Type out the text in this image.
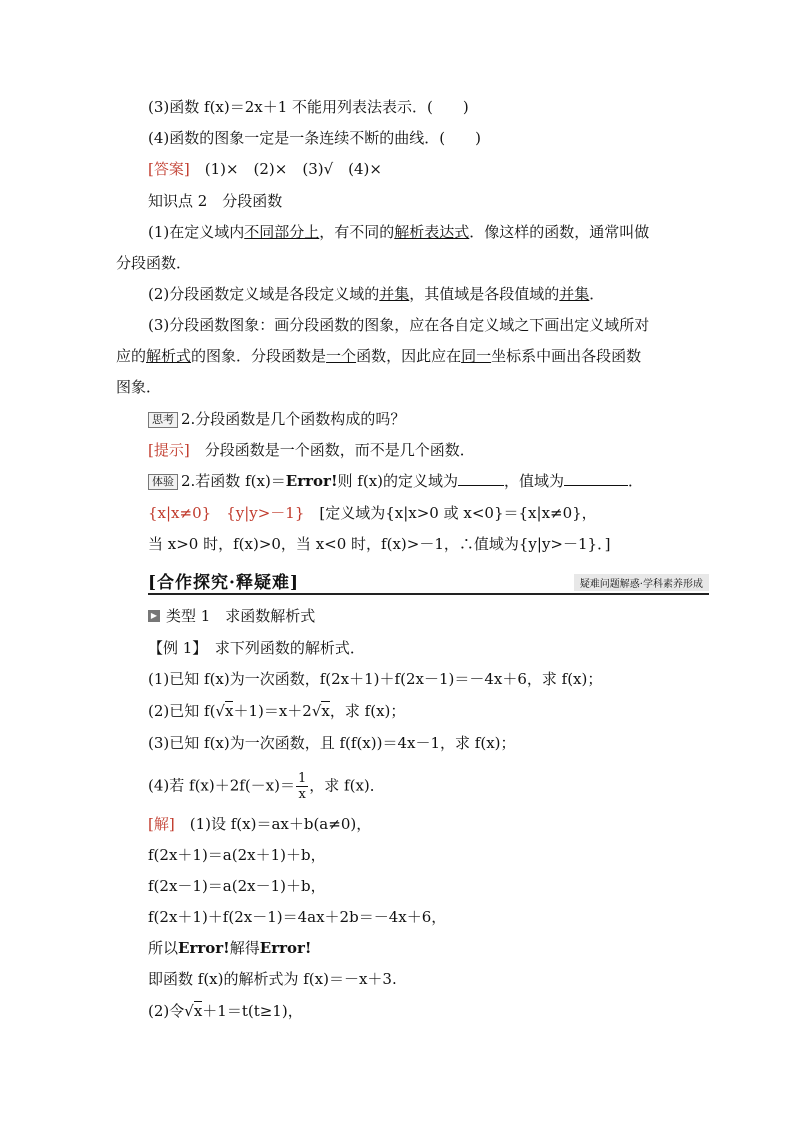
(3)函数 f(x)＝2x＋1 不能用列表法表示．(　　)
(4)函数的图象一定是一条连续不断的曲线．(　　)
[答案]　(1)×　(2)×　(3)√　(4)×
知识点 2　分段函数
(1)在定义域内不同部分上，有不同的解析表达式．像这样的函数，通常叫做
分段函数．
(2)分段函数定义域是各段定义域的并集，其值域是各段值域的并集．
(3)分段函数图象：画分段函数的图象，应在各自定义域之下画出定义域所对
应的解析式的图象．分段函数是一个函数，因此应在同一坐标系中画出各段函数
图象．
思考 2.分段函数是几个函数构成的吗？
[提示]　分段函数是一个函数，而不是几个函数．
体验 2.若函数 f(x)＝Error!则 f(x)的定义域为	，值域为	．
{x|x≠0}　{y|y>－1}　[定义域为{x|x>0 或 x<0}＝{x|x≠0}，
当 x>0 时，f(x)>0，当 x<0 时，f(x)>－1，∴值域为{y|y>－1}．]
[合作探究·释疑难]	疑难问题解惑·学科素养形成
▶ 类型 1　求函数解析式
【例 1】　求下列函数的解析式．
(1)已知 f(x)为一次函数，f(2x＋1)＋f(2x－1)＝－4x＋6，求 f(x)；
(2)已知 f(√x＋1)＝x＋2√x，求 f(x)；
(3)已知 f(x)为一次函数，且 f(f(x))＝4x－1，求 f(x)；
(4)若 $f(x)+2f(-x)= \frac{1}{x}$ ，求 f(x)．
[解]　(1)设 f(x)＝ax＋b(a≠0)，
f(2x＋1)＝a(2x＋1)＋b，
f(2x－1)＝a(2x－1)＋b，
f(2x＋1)＋f(2x－1)＝4ax＋2b＝－4x＋6，
所以Error!解得Error!
即函数 f(x)的解析式为 f(x)＝－x＋3.
(2)令√x＋1＝t(t≥1)，
